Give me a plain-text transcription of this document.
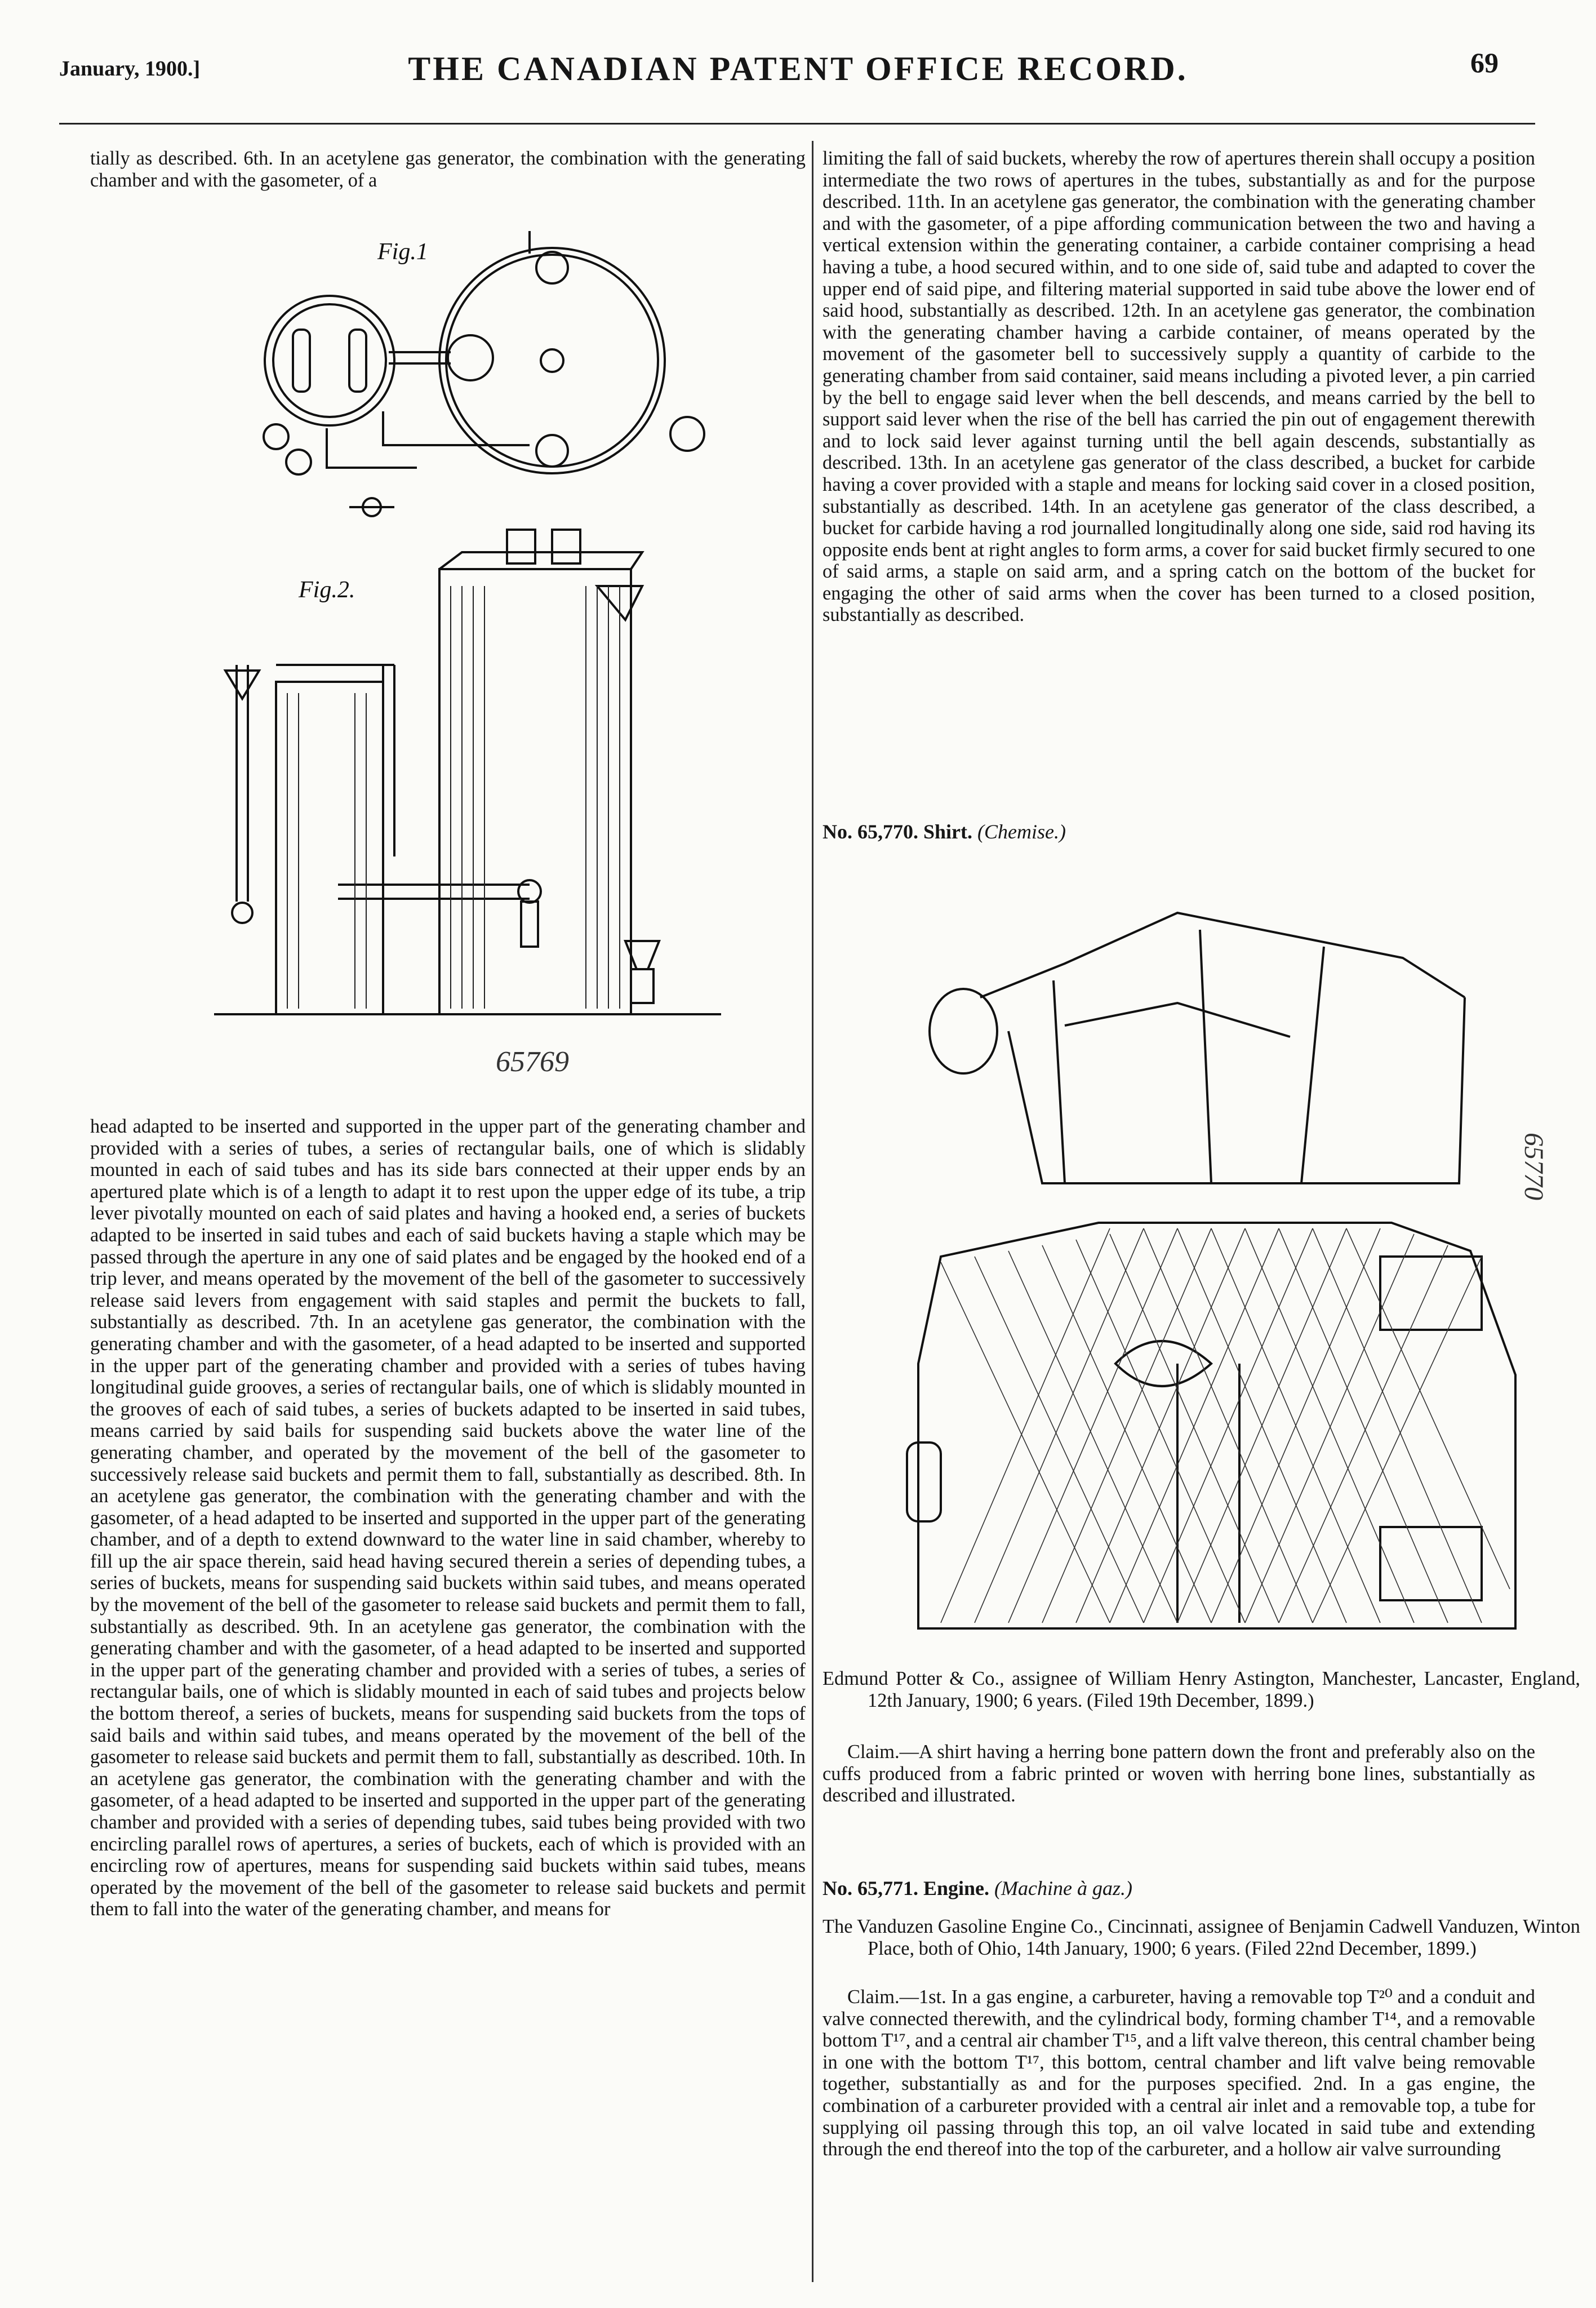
January, 1900.]	THE CANADIAN PATENT OFFICE RECORD.	69
tially as described. 6th. In an acetylene gas generator, the combination with the generating chamber and with the gasometer, of a
Fig.1
Fig.2.
65769
head adapted to be inserted and supported in the upper part of the generating chamber and provided with a series of tubes, a series of rectangular bails, one of which is slidably mounted in each of said tubes and has its side bars connected at their upper ends by an apertured plate which is of a length to adapt it to rest upon the upper edge of its tube, a trip lever pivotally mounted on each of said plates and having a hooked end, a series of buckets adapted to be inserted in said tubes and each of said buckets having a staple which may be passed through the aperture in any one of said plates and be engaged by the hooked end of a trip lever, and means operated by the movement of the bell of the gasometer to successively release said levers from engagement with said staples and permit the buckets to fall, substantially as described. 7th. In an acetylene gas generator, the combination with the generating chamber and with the gasometer, of a head adapted to be inserted and supported in the upper part of the generating chamber and provided with a series of tubes having longitudinal guide grooves, a series of rectangular bails, one of which is slidably mounted in the grooves of each of said tubes, a series of buckets adapted to be inserted in said tubes, means carried by said bails for suspending said buckets above the water line of the generating chamber, and operated by the movement of the bell of the gasometer to successively release said buckets and permit them to fall, substantially as described. 8th. In an acetylene gas generator, the combination with the generating chamber and with the gasometer, of a head adapted to be inserted and supported in the upper part of the generating chamber, and of a depth to extend downward to the water line in said chamber, whereby to fill up the air space therein, said head having secured therein a series of depending tubes, a series of buckets, means for suspending said buckets within said tubes, and means operated by the movement of the bell of the gasometer to release said buckets and permit them to fall, substantially as described. 9th. In an acetylene gas generator, the combination with the generating chamber and with the gasometer, of a head adapted to be inserted and supported in the upper part of the generating chamber and provided with a series of tubes, a series of rectangular bails, one of which is slidably mounted in each of said tubes and projects below the bottom thereof, a series of buckets, means for suspending said buckets from the tops of said bails and within said tubes, and means operated by the movement of the bell of the gasometer to release said buckets and permit them to fall, substantially as described. 10th. In an acetylene gas generator, the combination with the generating chamber and with the gasometer, of a head adapted to be inserted and supported in the upper part of the generating chamber and provided with a series of depending tubes, said tubes being provided with two encircling parallel rows of apertures, a series of buckets, each of which is provided with an encircling row of apertures, means for suspending said buckets within said tubes, means operated by the movement of the bell of the gasometer to release said buckets and permit them to fall into the water of the generating chamber, and means for
limiting the fall of said buckets, whereby the row of apertures therein shall occupy a position intermediate the two rows of apertures in the tubes, substantially as and for the purpose described. 11th. In an acetylene gas generator, the combination with the generating chamber and with the gasometer, of a pipe affording communication between the two and having a vertical extension within the generating container, a carbide container comprising a head having a tube, a hood secured within, and to one side of, said tube and adapted to cover the upper end of said pipe, and filtering material supported in said tube above the lower end of said hood, substantially as described. 12th. In an acetylene gas generator, the combination with the generating chamber having a carbide container, of means operated by the movement of the gasometer bell to successively supply a quantity of carbide to the generating chamber from said container, said means including a pivoted lever, a pin carried by the bell to engage said lever when the bell descends, and means carried by the bell to support said lever when the rise of the bell has carried the pin out of engagement therewith and to lock said lever against turning until the bell again descends, substantially as described. 13th. In an acetylene gas generator of the class described, a bucket for carbide having a cover provided with a staple and means for locking said cover in a closed position, substantially as described. 14th. In an acetylene gas generator of the class described, a bucket for carbide having a rod journalled longitudinally along one side, said rod having its opposite ends bent at right angles to form arms, a cover for said bucket firmly secured to one of said arms, a staple on said arm, and a spring catch on the bottom of the bucket for engaging the other of said arms when the cover has been turned to a closed position, substantially as described.
No. 65,770. Shirt. (Chemise.)
65770
Edmund Potter & Co., assignee of William Henry Astington, Manchester, Lancaster, England, 12th January, 1900; 6 years. (Filed 19th December, 1899.)
Claim.—A shirt having a herring bone pattern down the front and preferably also on the cuffs produced from a fabric printed or woven with herring bone lines, substantially as described and illustrated.
No. 65,771. Engine. (Machine à gaz.)
The Vanduzen Gasoline Engine Co., Cincinnati, assignee of Benjamin Cadwell Vanduzen, Winton Place, both of Ohio, 14th January, 1900; 6 years. (Filed 22nd December, 1899.)
Claim.—1st. In a gas engine, a carbureter, having a removable top T²⁰ and a conduit and valve connected therewith, and the cylindrical body, forming chamber T¹⁴, and a removable bottom T¹⁷, and a central air chamber T¹⁵, and a lift valve thereon, this central chamber being in one with the bottom T¹⁷, this bottom, central chamber and lift valve being removable together, substantially as and for the purposes specified. 2nd. In a gas engine, the combination of a carbureter provided with a central air inlet and a removable top, a tube for supplying oil passing through this top, an oil valve located in said tube and extending through the end thereof into the top of the carbureter, and a hollow air valve surrounding
